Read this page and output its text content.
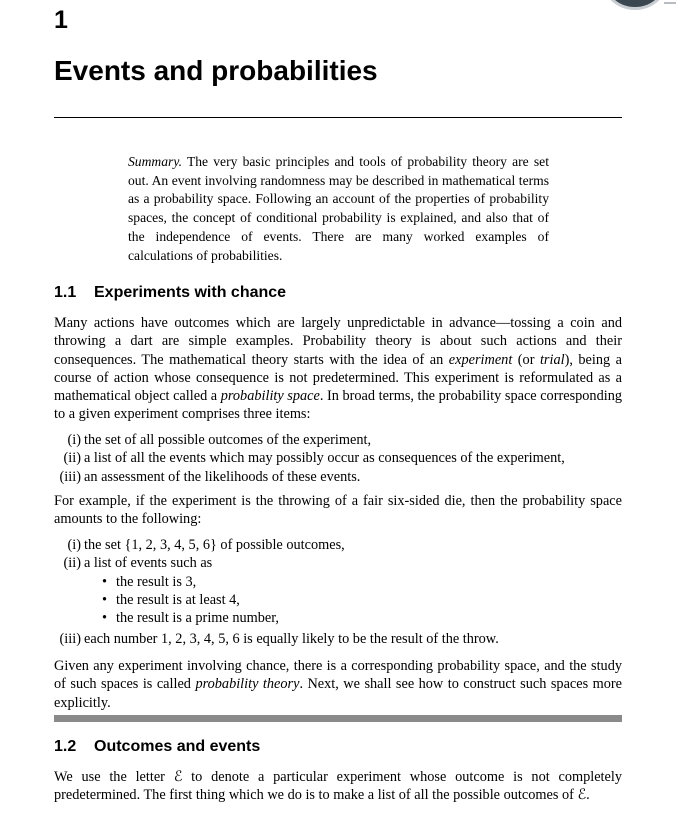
1
Events and probabilities

Summary. The very basic principles and tools of probability theory are set out. An event involving randomness may be described in mathematical terms as a probability space. Following an account of the properties of probability spaces, the concept of conditional probability is explained, and also that of the independence of events. There are many worked examples of calculations of probabilities.

1.1 Experiments with chance

Many actions have outcomes which are largely unpredictable in advance—tossing a coin and throwing a dart are simple examples. Probability theory is about such actions and their consequences. The mathematical theory starts with the idea of an experiment (or trial), being a course of action whose consequence is not predetermined. This experiment is reformulated as a mathematical object called a probability space. In broad terms, the probability space corresponding to a given experiment comprises three items:

(i) the set of all possible outcomes of the experiment,
(ii) a list of all the events which may possibly occur as consequences of the experiment,
(iii) an assessment of the likelihoods of these events.

For example, if the experiment is the throwing of a fair six-sided die, then the probability space amounts to the following:

(i) the set {1, 2, 3, 4, 5, 6} of possible outcomes,
(ii) a list of events such as
• the result is 3,
• the result is at least 4,
• the result is a prime number,
(iii) each number 1, 2, 3, 4, 5, 6 is equally likely to be the result of the throw.

Given any experiment involving chance, there is a corresponding probability space, and the study of such spaces is called probability theory. Next, we shall see how to construct such spaces more explicitly.

1.2 Outcomes and events

We use the letter ℰ to denote a particular experiment whose outcome is not completely predetermined. The first thing which we do is to make a list of all the possible outcomes of ℰ.
